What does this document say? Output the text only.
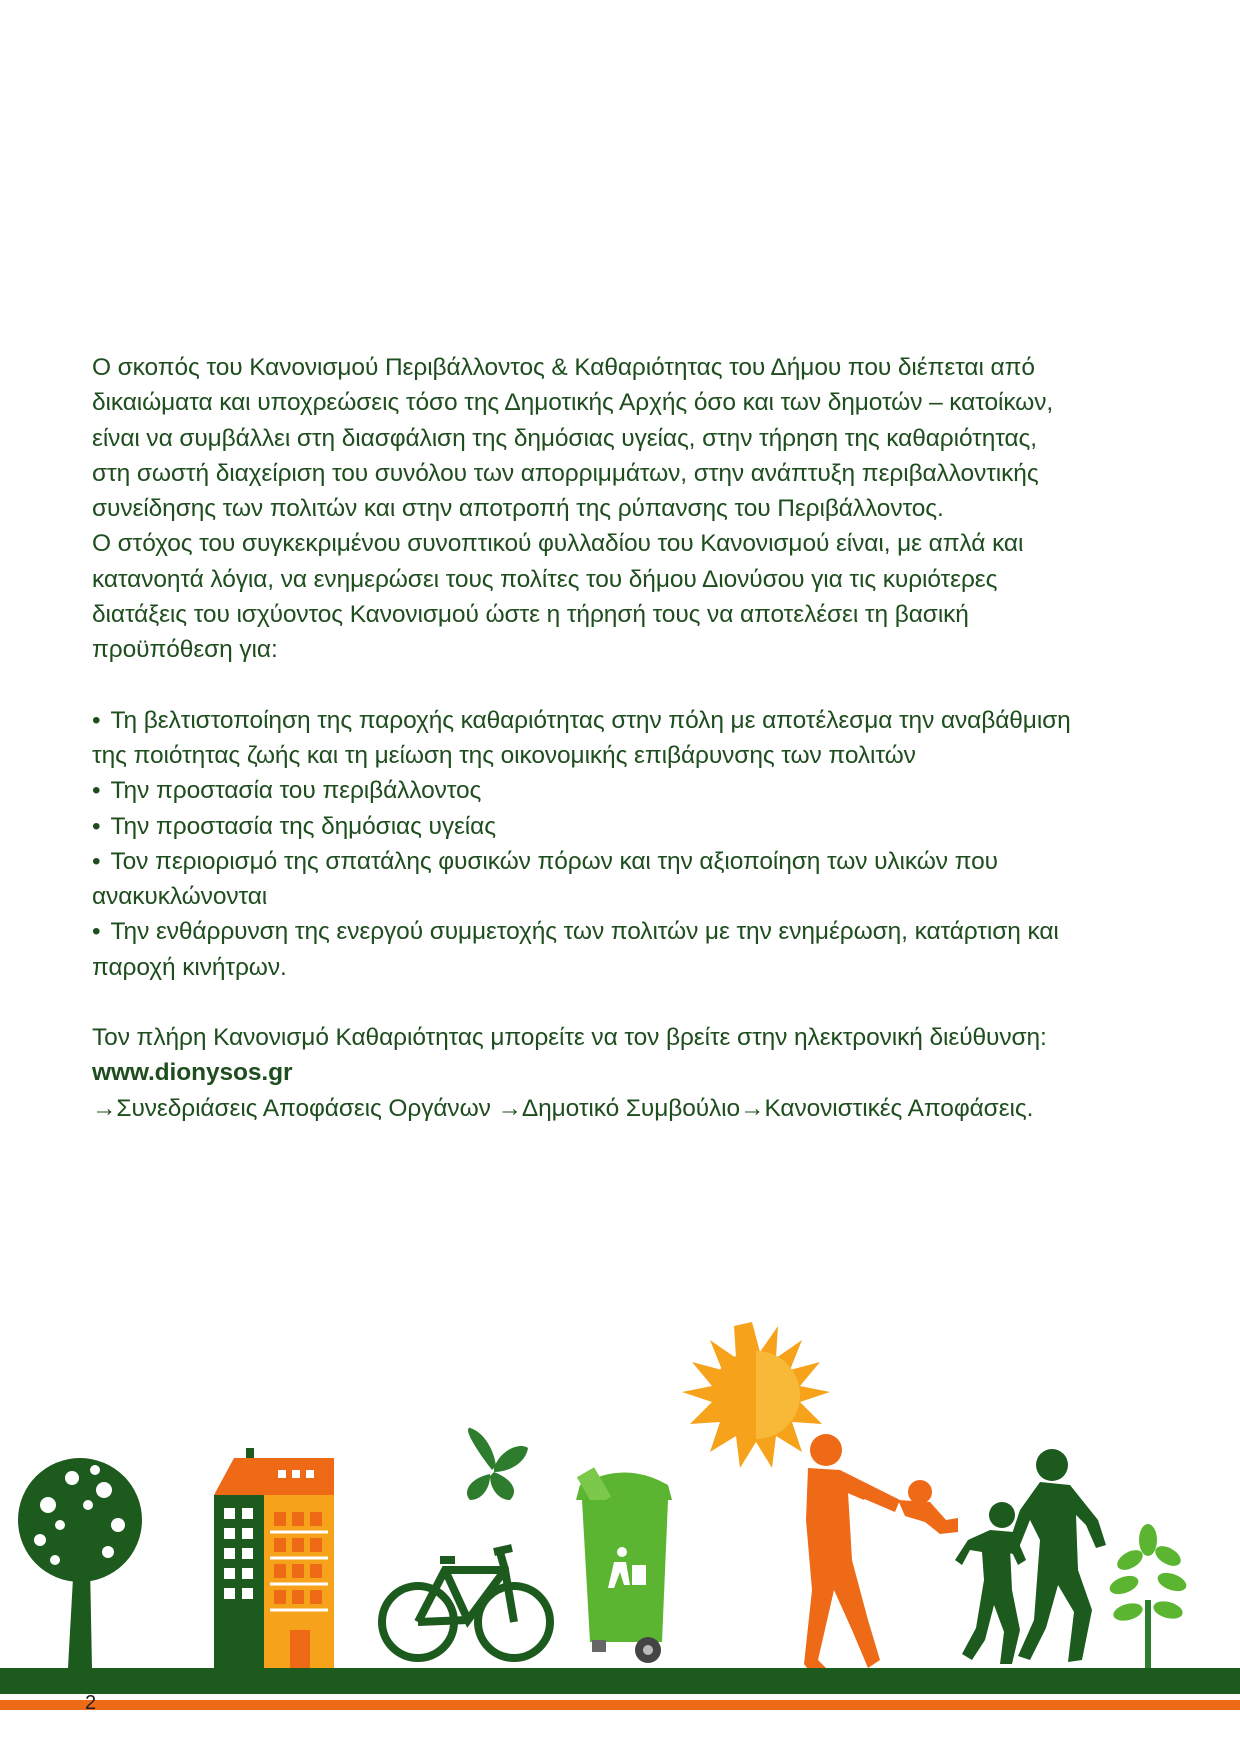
Ο σκοπός του Κανονισμού Περιβάλλοντος & Καθαριότητας του Δήμου που διέπεται από

δικαιώματα και υποχρεώσεις τόσο της Δημοτικής Αρχής όσο και των δημοτών – κατοίκων,

είναι να συμβάλλει στη διασφάλιση της δημόσιας υγείας, στην τήρηση της καθαριότητας,

στη σωστή διαχείριση του συνόλου των απορριμμάτων, στην ανάπτυξη περιβαλλοντικής

συνείδησης των πολιτών και στην αποτροπή της ρύπανσης του Περιβάλλοντος.

Ο στόχος του συγκεκριμένου συνοπτικού φυλλαδίου του Κανονισμού είναι, με απλά και

κατανοητά λόγια, να ενημερώσει τους πολίτες του δήμου Διονύσου για τις κυριότερες

διατάξεις του ισχύοντος Κανονισμού ώστε η τήρησή τους να αποτελέσει τη βασική

προϋπόθεση για:

• Τη βελτιστοποίηση της παροχής καθαριότητας στην πόλη με αποτέλεσμα την αναβάθμιση

της ποιότητας ζωής και τη μείωση της οικονομικής επιβάρυνσης των πολιτών

• Την προστασία του περιβάλλοντος

• Την προστασία της δημόσιας υγείας

• Τον περιορισμό της σπατάλης φυσικών πόρων και την αξιοποίηση των υλικών που

ανακυκλώνονται

• Την ενθάρρυνση της ενεργού συμμετοχής των πολιτών με την ενημέρωση, κατάρτιση και

παροχή κινήτρων.

Τον πλήρη Κανονισμό Καθαριότητας μπορείτε να τον βρείτε στην ηλεκτρονική διεύθυνση:

www.dionysos.gr

→Συνεδριάσεις Αποφάσεις Οργάνων →Δημοτικό Συμβούλιο→Κανονιστικές Αποφάσεις.

2
